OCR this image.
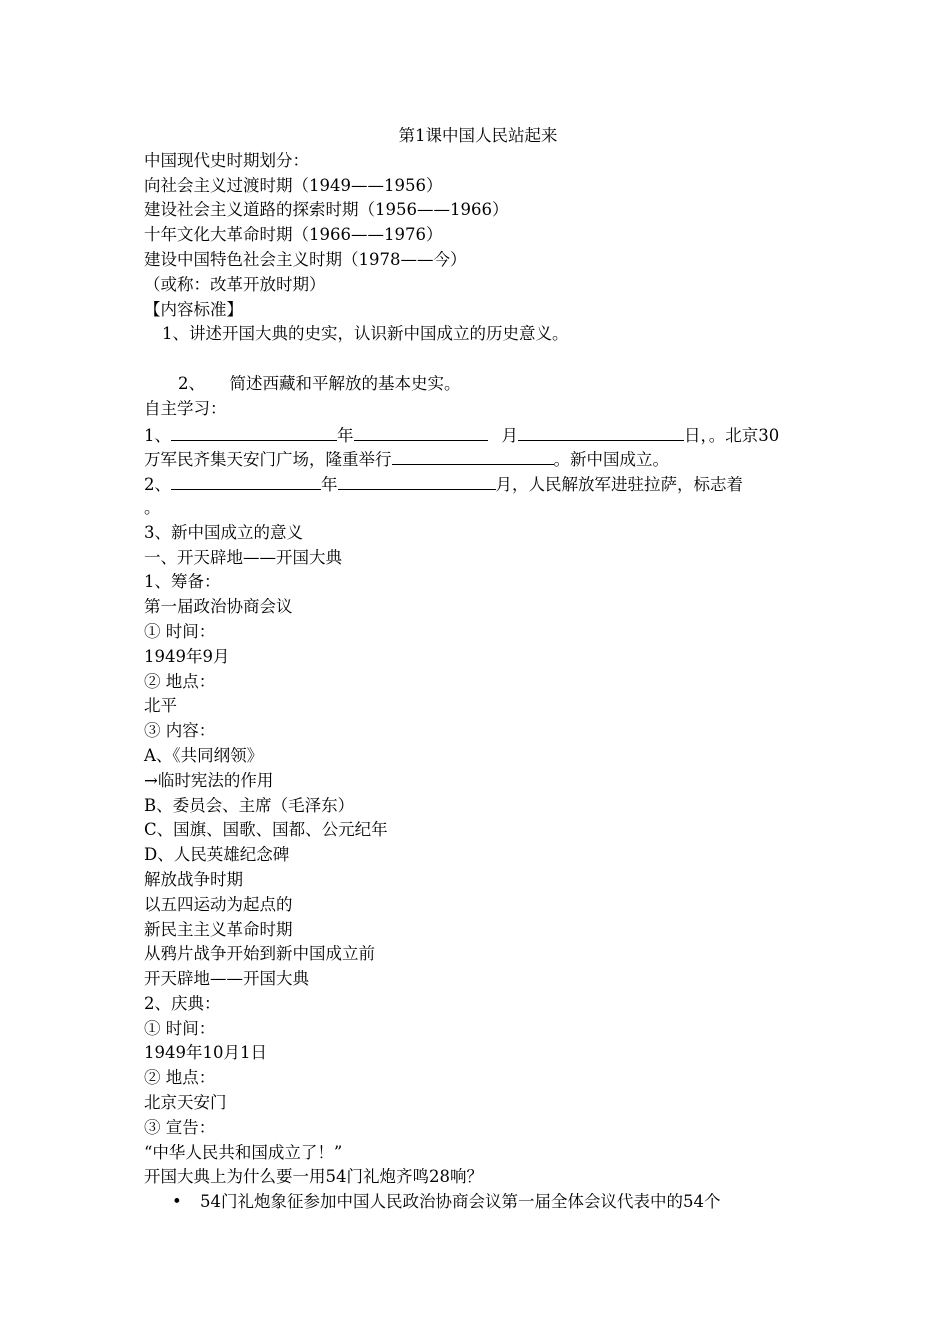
第1课中国人民站起来
中国现代史时期划分：
向社会主义过渡时期（1949——1956）
建设社会主义道路的探索时期（1956——1966）
十年文化大革命时期（1966——1976）
建设中国特色社会主义时期（1978——今）
（或称：改革开放时期）
【内容标准】
1、讲述开国大典的史实，认识新中国成立的历史意义。
2、 简述西藏和平解放的基本史实。
自主学习：
1、	年	月	日，。北京30
万军民齐集天安门广场，隆重举行	。新中国成立。
2、	年	月，人民解放军进驻拉萨，标志着
。
3、新中国成立的意义
一、开天辟地——开国大典
1、筹备：
第一届政治协商会议
① 时间：
1949年9月
② 地点：
北平
③ 内容：
A、《共同纲领》
→临时宪法的作用
B、委员会、主席（毛泽东）
C、国旗、国歌、国都、公元纪年
D、人民英雄纪念碑
解放战争时期
以五四运动为起点的
新民主主义革命时期
从鸦片战争开始到新中国成立前
开天辟地——开国大典
2、庆典：
① 时间：
1949年10月1日
② 地点：
北京天安门
③ 宣告：
“中华人民共和国成立了！”
开国大典上为什么要一用54门礼炮齐鸣28响？
• 54门礼炮象征参加中国人民政治协商会议第一届全体会议代表中的54个
